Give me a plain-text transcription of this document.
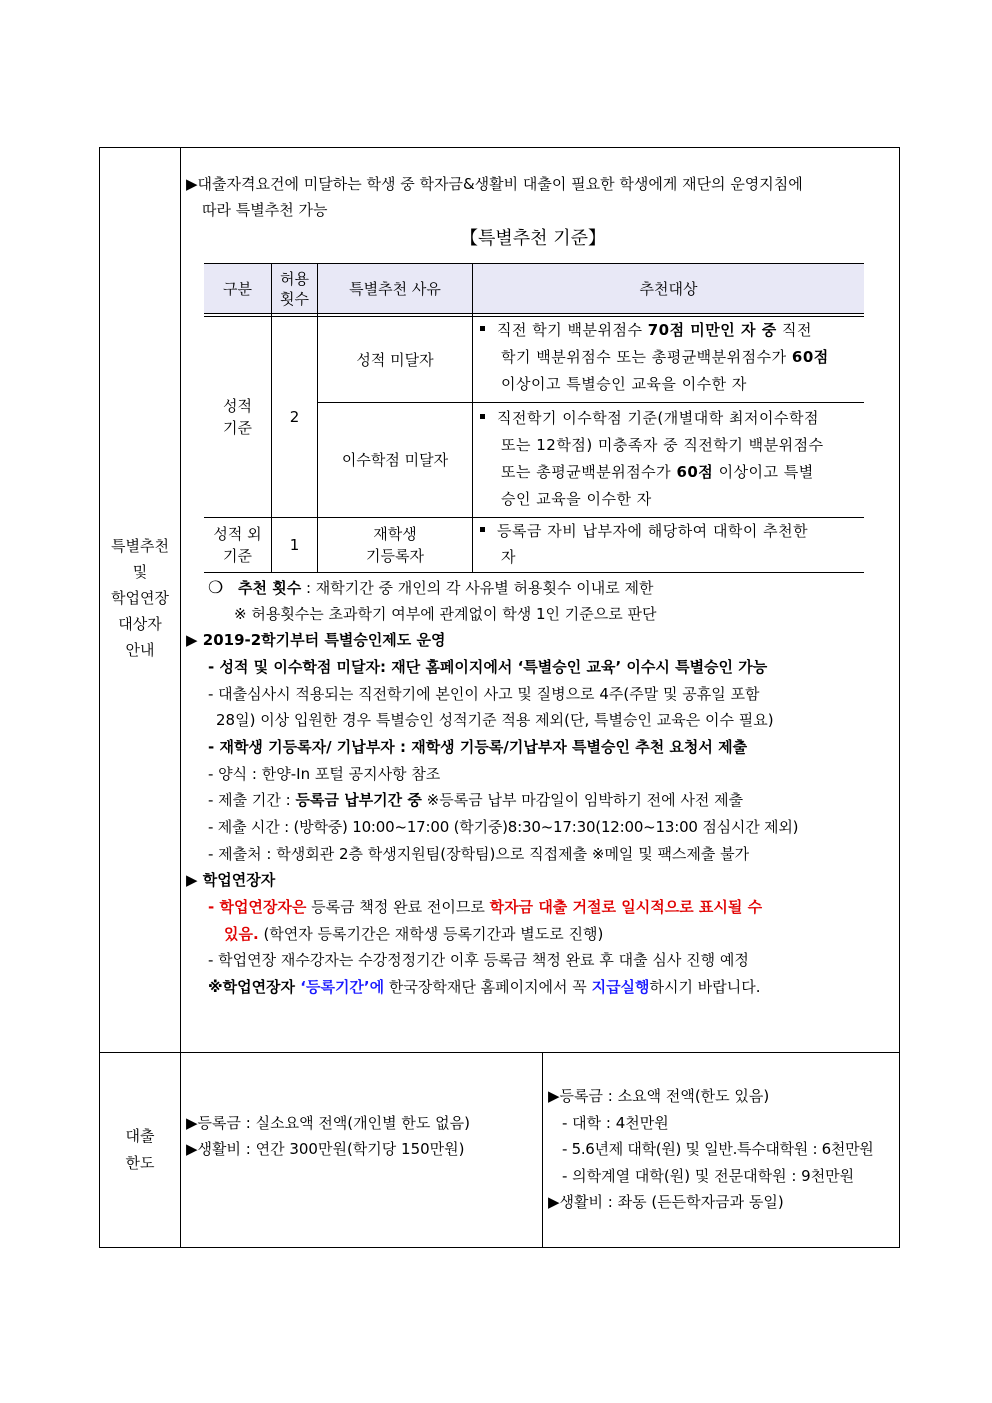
특별추천
및
학업연장
대상자
안내
대출
한도
▶대출자격요건에 미달하는 학생 중 학자금&생활비 대출이 필요한 학생에게 재단의 운영지침에
따라 특별추천 가능
【특별추천 기준】
구분
허용
횟수
특별추천 사유	추천대상
성적
기준
2
성적 미달자
이수학점 미달자
직전 학기 백분위점수 70점 미만인 자 중 직전
학기 백분위점수 또는 총평균백분위점수가 60점
이상이고 특별승인 교육을 이수한 자
직전학기 이수학점 기준(개별대학 최저이수학점
또는 12학점) 미충족자 중 직전학기 백분위점수
또는 총평균백분위점수가 60점 이상이고 특별
승인 교육을 이수한 자
성적 외
기준
1
재학생
기등록자
등록금 자비 납부자에 해당하여 대학이 추천한
자
❍ 추천 횟수 : 재학기간 중 개인의 각 사유별 허용횟수 이내로 제한
※ 허용횟수는 초과학기 여부에 관계없이 학생 1인 기준으로 판단
▶ 2019-2학기부터 특별승인제도 운영
- 성적 및 이수학점 미달자: 재단 홈페이지에서 ‘특별승인 교육’ 이수시 특별승인 가능
- 대출심사시 적용되는 직전학기에 본인이 사고 및 질병으로 4주(주말 및 공휴일 포함
28일) 이상 입원한 경우 특별승인 성적기준 적용 제외(단, 특별승인 교육은 이수 필요)
- 재학생 기등록자/ 기납부자 : 재학생 기등록/기납부자 특별승인 추천 요청서 제출
- 양식 : 한양-In 포털 공지사항 참조
- 제출 기간 : 등록금 납부기간 중 ※등록금 납부 마감일이 임박하기 전에 사전 제출
- 제출 시간 : (방학중) 10:00~17:00 (학기중)8:30~17:30(12:00~13:00 점심시간 제외)
- 제출처 : 학생회관 2층 학생지원팀(장학팀)으로 직접제출 ※메일 및 팩스제출 불가
▶ 학업연장자
- 학업연장자은 등록금 책정 완료 전이므로 학자금 대출 거절로 일시적으로 표시될 수
있음. (학연자 등록기간은 재학생 등록기간과 별도로 진행)
- 학업연장 재수강자는 수강정정기간 이후 등록금 책정 완료 후 대출 심사 진행 예정
※학업연장자 ‘등록기간’에 한국장학재단 홈페이지에서 꼭 지급실행하시기 바랍니다.
▶등록금 : 실소요액 전액(개인별 한도 없음)
▶생활비 : 연간 300만원(학기당 150만원)
▶등록금 : 소요액 전액(한도 있음)
- 대학 : 4천만원
- 5.6년제 대학(원) 및 일반.특수대학원 : 6천만원
- 의학계열 대학(원) 및 전문대학원 : 9천만원
▶생활비 : 좌동 (든든학자금과 동일)
